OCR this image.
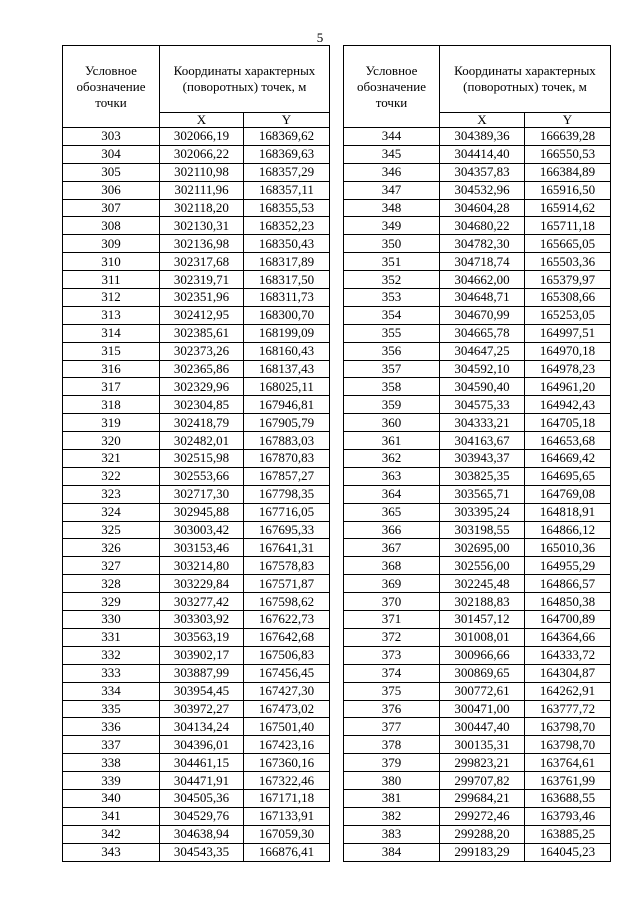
5
Условное обозначение точки	Координаты характерных (поворотных) точек, м	
	X	Y
303	302066,19	168369,62
304	302066,22	168369,63
305	302110,98	168357,29
306	302111,96	168357,11
307	302118,20	168355,53
308	302130,31	168352,23
309	302136,98	168350,43
310	302317,68	168317,89
311	302319,71	168317,50
312	302351,96	168311,73
313	302412,95	168300,70
314	302385,61	168199,09
315	302373,26	168160,43
316	302365,86	168137,43
317	302329,96	168025,11
318	302304,85	167946,81
319	302418,79	167905,79
320	302482,01	167883,03
321	302515,98	167870,83
322	302553,66	167857,27
323	302717,30	167798,35
324	302945,88	167716,05
325	303003,42	167695,33
326	303153,46	167641,31
327	303214,80	167578,83
328	303229,84	167571,87
329	303277,42	167598,62
330	303303,92	167622,73
331	303563,19	167642,68
332	303902,17	167506,83
333	303887,99	167456,45
334	303954,45	167427,30
335	303972,27	167473,02
336	304134,24	167501,40
337	304396,01	167423,16
338	304461,15	167360,16
339	304471,91	167322,46
340	304505,36	167171,18
341	304529,76	167133,91
342	304638,94	167059,30
343	304543,35	166876,41
Условное обозначение точки	Координаты характерных (поворотных) точек, м	
	X	Y
344	304389,36	166639,28
345	304414,40	166550,53
346	304357,83	166384,89
347	304532,96	165916,50
348	304604,28	165914,62
349	304680,22	165711,18
350	304782,30	165665,05
351	304718,74	165503,36
352	304662,00	165379,97
353	304648,71	165308,66
354	304670,99	165253,05
355	304665,78	164997,51
356	304647,25	164970,18
357	304592,10	164978,23
358	304590,40	164961,20
359	304575,33	164942,43
360	304333,21	164705,18
361	304163,67	164653,68
362	303943,37	164669,42
363	303825,35	164695,65
364	303565,71	164769,08
365	303395,24	164818,91
366	303198,55	164866,12
367	302695,00	165010,36
368	302556,00	164955,29
369	302245,48	164866,57
370	302188,83	164850,38
371	301457,12	164700,89
372	301008,01	164364,66
373	300966,66	164333,72
374	300869,65	164304,87
375	300772,61	164262,91
376	300471,00	163777,72
377	300447,40	163798,70
378	300135,31	163798,70
379	299823,21	163764,61
380	299707,82	163761,99
381	299684,21	163688,55
382	299272,46	163793,46
383	299288,20	163885,25
384	299183,29	164045,23
